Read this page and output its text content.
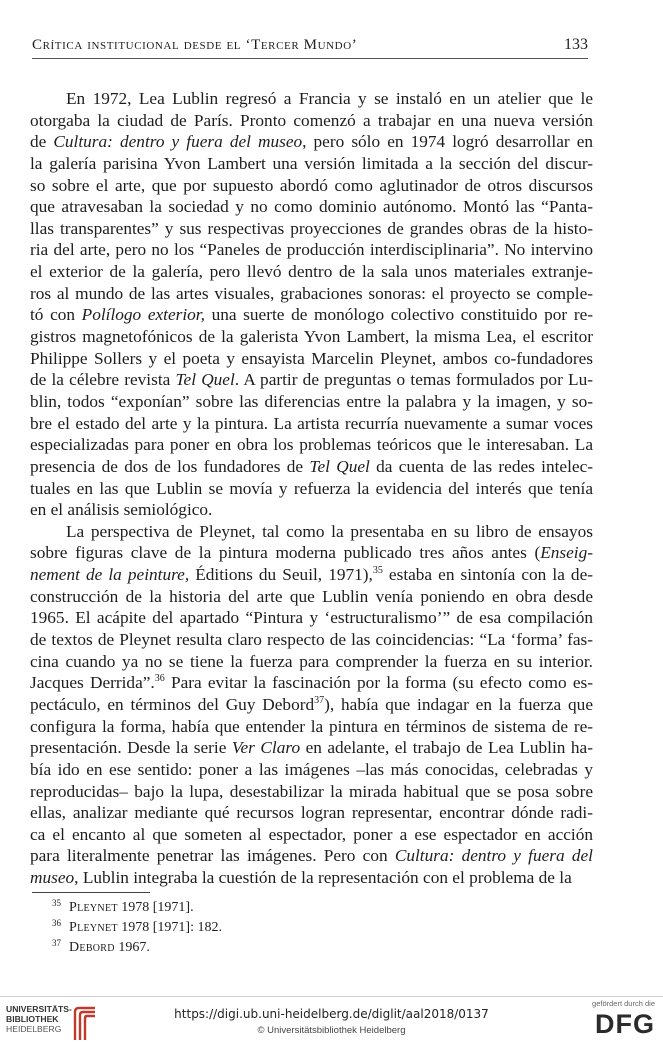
Crítica institucional desde el ‘Tercer Mundo’	133
En 1972, Lea Lublin regresó a Francia y se instaló en un atelier que le
otorgaba la ciudad de París. Pronto comenzó a trabajar en una nueva versión
de Cultura: dentro y fuera del museo, pero sólo en 1974 logró desarrollar en
la galería parisina Yvon Lambert una versión limitada a la sección del discur-
so sobre el arte, que por supuesto abordó como aglutinador de otros discursos
que atravesaban la sociedad y no como dominio autónomo. Montó las “Panta-
llas transparentes” y sus respectivas proyecciones de grandes obras de la histo-
ria del arte, pero no los “Paneles de producción interdisciplinaria”. No intervino
el exterior de la galería, pero llevó dentro de la sala unos materiales extranje-
ros al mundo de las artes visuales, grabaciones sonoras: el proyecto se comple-
tó con Polílogo exterior, una suerte de monólogo colectivo constituido por re-
gistros magnetofónicos de la galerista Yvon Lambert, la misma Lea, el escritor
Philippe Sollers y el poeta y ensayista Marcelin Pleynet, ambos co-fundadores
de la célebre revista Tel Quel. A partir de preguntas o temas formulados por Lu-
blin, todos “exponían” sobre las diferencias entre la palabra y la imagen, y so-
bre el estado del arte y la pintura. La artista recurría nuevamente a sumar voces
especializadas para poner en obra los problemas teóricos que le interesaban. La
presencia de dos de los fundadores de Tel Quel da cuenta de las redes intelec-
tuales en las que Lublin se movía y refuerza la evidencia del interés que tenía
en el análisis semiológico.
La perspectiva de Pleynet, tal como la presentaba en su libro de ensayos
sobre figuras clave de la pintura moderna publicado tres años antes (Enseig-
nement de la peinture, Éditions du Seuil, 1971),$^{35}$ estaba en sintonía con la de-
construcción de la historia del arte que Lublin venía poniendo en obra desde
1965. El acápite del apartado “Pintura y ‘estructuralismo’” de esa compilación
de textos de Pleynet resulta claro respecto de las coincidencias: “La ‘forma’ fas-
cina cuando ya no se tiene la fuerza para comprender la fuerza en su interior.
Jacques Derrida”.$^{36}$ Para evitar la fascinación por la forma (su efecto como es-
pectáculo, en términos del Guy Debord$^{37}$), había que indagar en la fuerza que
configura la forma, había que entender la pintura en términos de sistema de re-
presentación. Desde la serie Ver Claro en adelante, el trabajo de Lea Lublin ha-
bía ido en ese sentido: poner a las imágenes –las más conocidas, celebradas y
reproducidas– bajo la lupa, desestabilizar la mirada habitual que se posa sobre
ellas, analizar mediante qué recursos logran representar, encontrar dónde radi-
ca el encanto al que someten al espectador, poner a ese espectador en acción
para literalmente penetrar las imágenes. Pero con Cultura: dentro y fuera del
museo, Lublin integraba la cuestión de la representación con el problema de la
$^{35}$ Pleynet 1978 [1971].
$^{36}$ Pleynet 1978 [1971]: 182.
$^{37}$ Debord 1967.
UNIVERSITÄTS-
BIBLIOTHEK
HEIDELBERG
https://digi.ub.uni-heidelberg.de/diglit/aal2018/0137
© Universitätsbibliothek Heidelberg
gefördert durch die
DFG
